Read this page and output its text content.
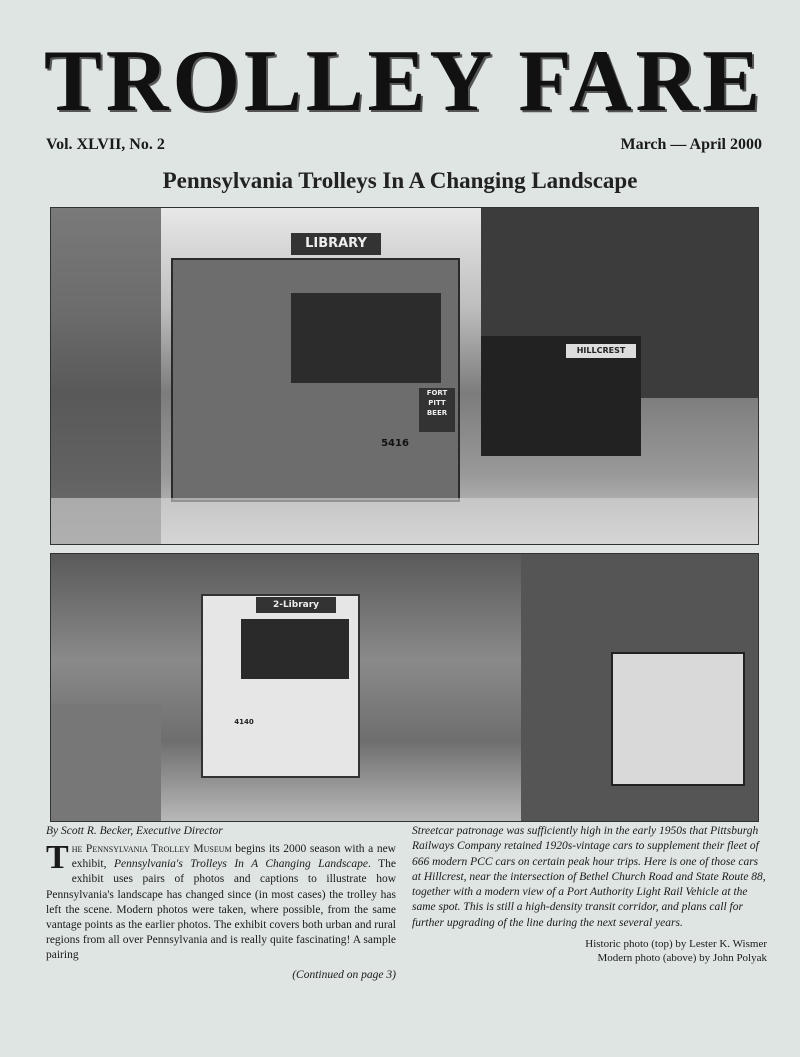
TROLLEY FARE
Vol. XLVII, No. 2	March — April 2000
Pennsylvania Trolleys In A Changing Landscape
LIBRARY
5416
FORT PITT BEER
HILLCREST
2-Library
4140
By Scott R. Becker, Executive Director
The Pennsylvania Trolley Museum begins its 2000 season with a new exhibit, Pennsylvania's Trolleys In A Changing Landscape. The exhibit uses pairs of photos and captions to illustrate how Pennsylvania's landscape has changed since (in most cases) the trolley has left the scene. Modern photos were taken, where possible, from the same vantage points as the earlier photos. The exhibit covers both urban and rural regions from all over Pennsylvania and is really quite fascinating! A sample pairing
(Continued on page 3)
Streetcar patronage was sufficiently high in the early 1950s that Pittsburgh Railways Company retained 1920s-vintage cars to supplement their fleet of 666 modern PCC cars on certain peak hour trips. Here is one of those cars at Hillcrest, near the intersection of Bethel Church Road and State Route 88, together with a modern view of a Port Authority Light Rail Vehicle at the same spot. This is still a high-density transit corridor, and plans call for further upgrading of the line during the next several years.
Historic photo (top) by Lester K. Wismer
Modern photo (above) by John Polyak
